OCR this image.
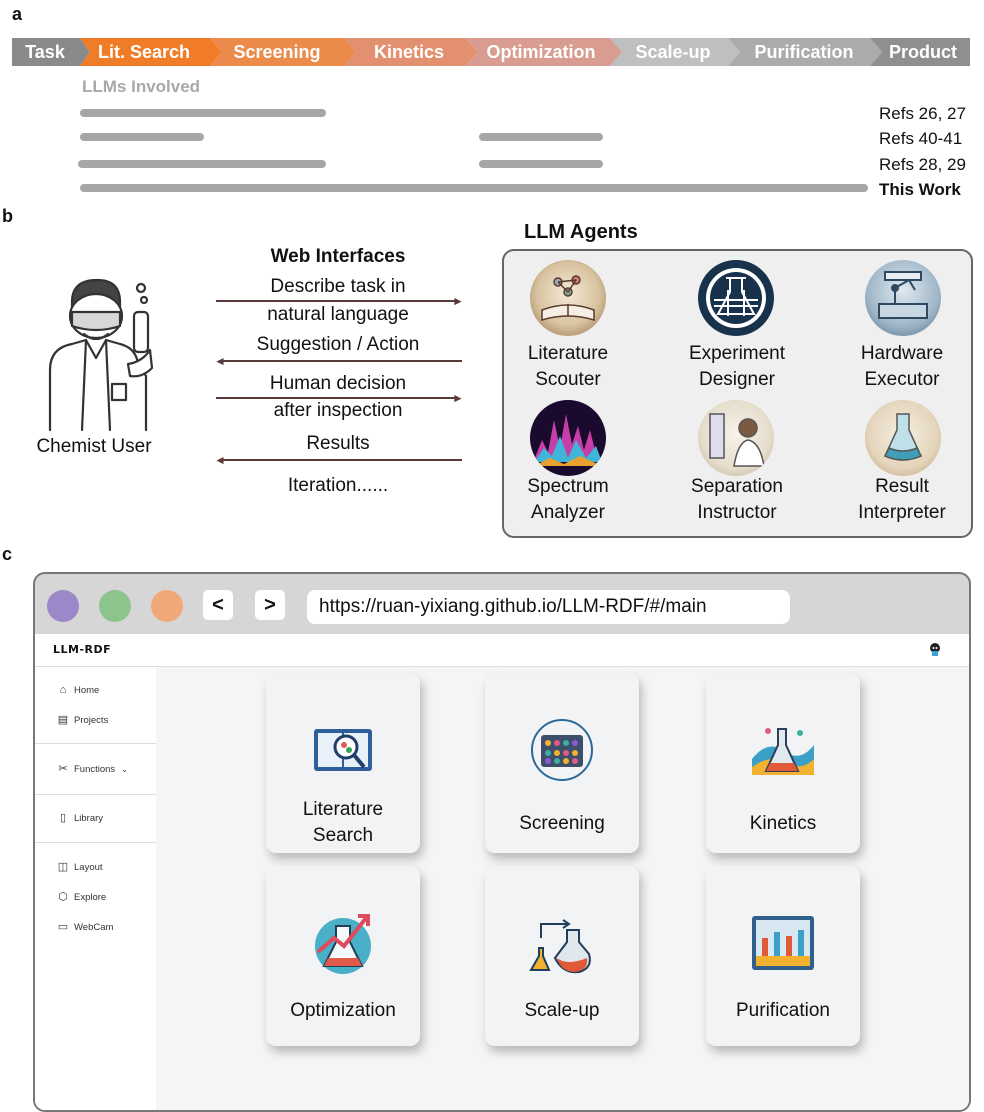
a
Task	Lit. Search	Screening	Kinetics	Optimization	Scale-up	Purification	Product
LLMs Involved
Refs 26, 27
Refs 40-41
Refs 28, 29
This Work
b
Chemist User
Web Interfaces
Describe task in
►
natural language
Suggestion / Action
◄
Human decision
►
after inspection
Results
◄
Iteration......
LLM Agents
Literature
Scouter
Experiment
Designer
Hardware
Executor
Spectrum
Analyzer
Separation
Instructor
Result
Interpreter
c
<	>	https://ruan-yixiang.github.io/LLM-RDF/#/main
LLM-RDF
⌂ Home
▤ Projects
✂ Functions ⌄
▯ Library
◫ Layout
⬡ Explore
▭ WebCam
Literature
Search
Screening	Kinetics
Optimization	Scale-up	Purification
